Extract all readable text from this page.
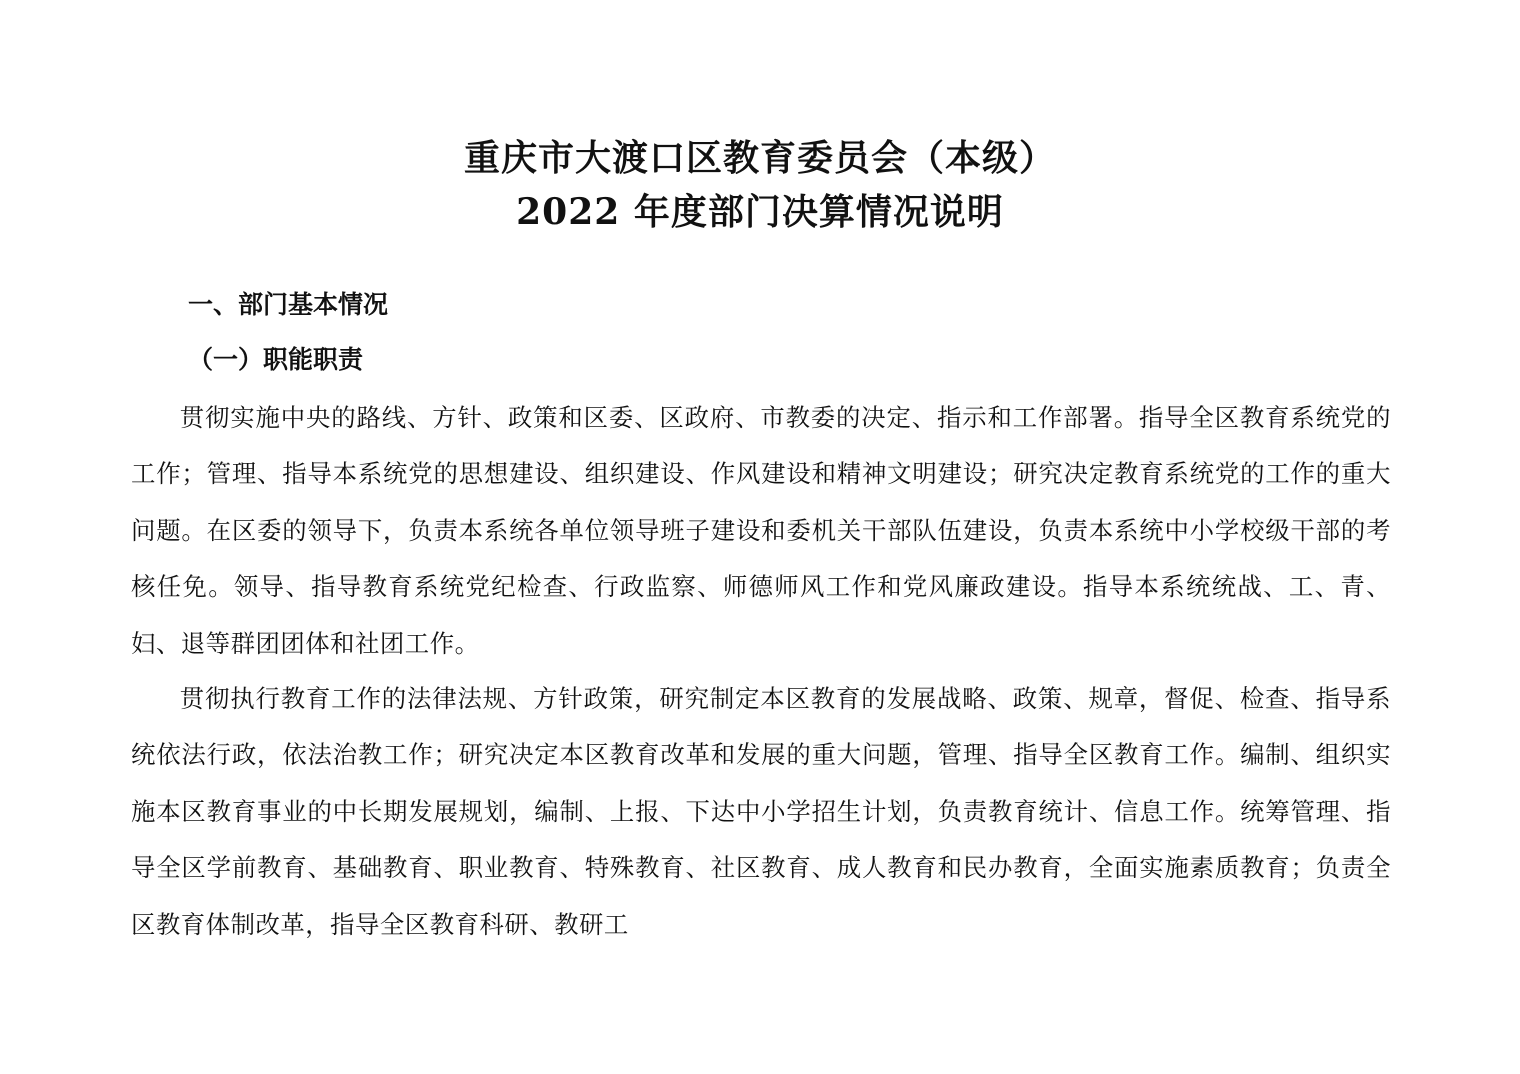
重庆市大渡口区教育委员会（本级）
2022 年度部门决算情况说明
一、部门基本情况
（一）职能职责

贯彻实施中央的路线、方针、政策和区委、区政府、市教委的决定、指示和工作部署。指导全区教育系统党的工作；管理、指导本系统党的思想建设、组织建设、作风建设和精神文明建设；研究决定教育系统党的工作的重大问题。在区委的领导下，负责本系统各单位领导班子建设和委机关干部队伍建设，负责本系统中小学校级干部的考核任免。领导、指导教育系统党纪检查、行政监察、师德师风工作和党风廉政建设。指导本系统统战、工、青、妇、退等群团团体和社团工作。

贯彻执行教育工作的法律法规、方针政策，研究制定本区教育的发展战略、政策、规章，督促、检查、指导系统依法行政，依法治教工作；研究决定本区教育改革和发展的重大问题，管理、指导全区教育工作。编制、组织实施本区教育事业的中长期发展规划，编制、上报、下达中小学招生计划，负责教育统计、信息工作。统筹管理、指导全区学前教育、基础教育、职业教育、特殊教育、社区教育、成人教育和民办教育，全面实施素质教育；负责全区教育体制改革，指导全区教育科研、教研工
